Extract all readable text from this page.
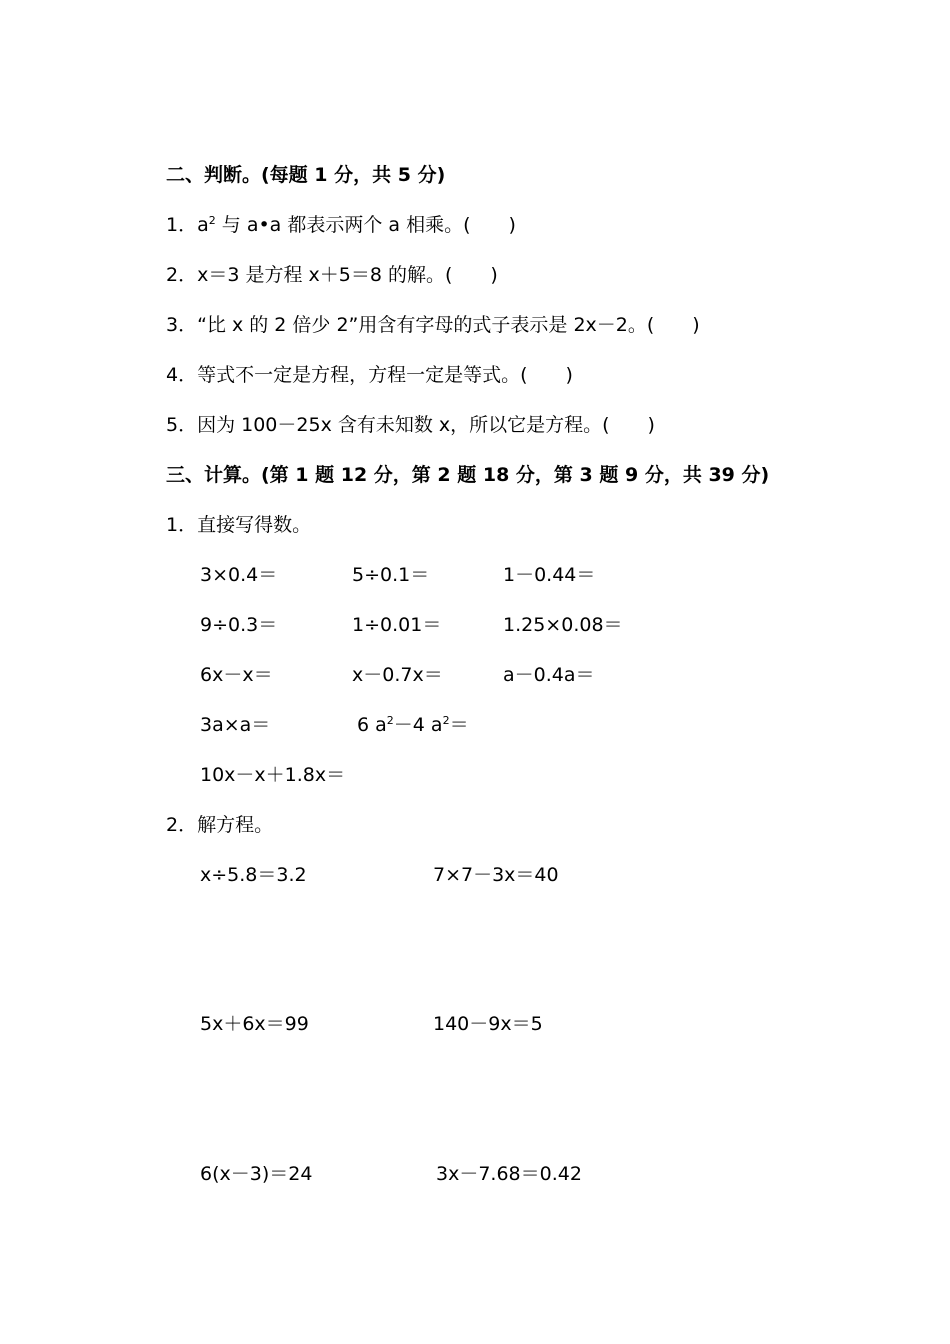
二、判断。(每题 1 分，共 5 分)
1．$a^2$ 与 a•a 都表示两个 a 相乘。(　　)
2．x＝3 是方程 x＋5＝8 的解。(　　)
3．“比 x 的 2 倍少 2”用含有字母的式子表示是 2x－2。(　　)
4．等式不一定是方程，方程一定是等式。(　　)
5．因为 100－25x 含有未知数 x，所以它是方程。(　　)
三、计算。(第 1 题 12 分，第 2 题 18 分，第 3 题 9 分，共 39 分)
1．直接写得数。
3×0.4＝	5÷0.1＝	1－0.44＝
9÷0.3＝	1÷0.01＝	1.25×0.08＝
6x－x＝	x－0.7x＝	a－0.4a＝
3a×a＝	6 $a^2-4$ $a^2=$
10x－x＋1.8x＝
2．解方程。
x÷5.8＝3.2	7×7－3x＝40
5x＋6x＝99	140－9x＝5
6(x－3)＝24	3x－7.68＝0.42
